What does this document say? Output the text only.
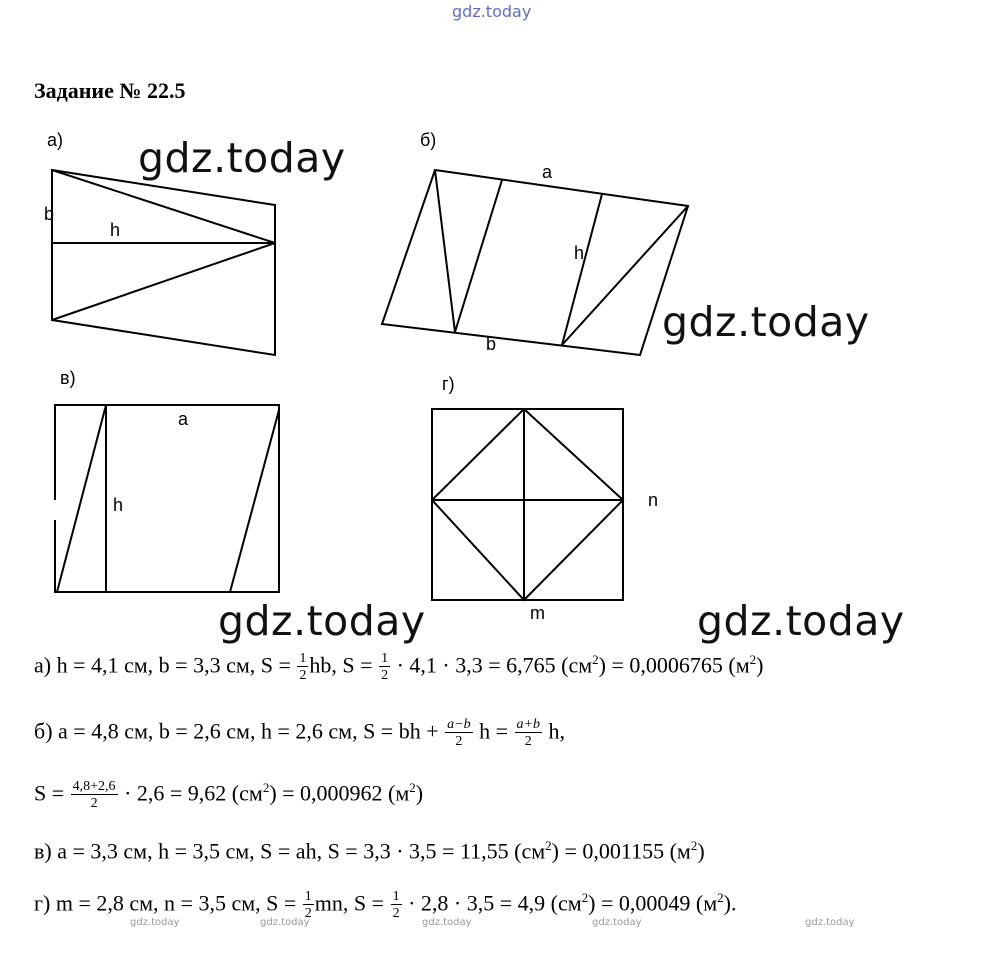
gdz.today
Задание № 22.5
а)
b
h
б)
a
h
b
в)
a
h
г)
n
m
gdz.today
gdz.today
gdz.today	gdz.today
а) h = 4,1 см, b = 3,3 см, $S = \frac{1}{2}$ hb, $S = \frac{1}{2} \cdot 4,1 \cdot 3,3 = 6,765$ $(см^2) = 0,0006765$ $(м^2)$
б) a = 4,8 см, b = 2,6 см, h = 2,6 см, S = bh + $\frac{a-b}{2}$ $h = \frac{a+b}{2} h$,
$S = \frac{4,8+2,6}{2} \cdot 2,6 = 9,62$ $(см^2) = 0,000962$ $(м^2)$
в) a = 3,3 см, h = 3,5 см, S = ah, S = 3,3 · 3,5 = 11,55 $(см^2) = 0,001155$ $(м^2)$
г) m = 2,8 см, n = 3,5 см, $S = \frac{1}{2}$ mn, $S = \frac{1}{2} \cdot 2,8 \cdot 3,5 = 4,9$ $(см^2) = 0,00049$ $(м^2)$.
gdz.today	gdz.today	gdz.today	gdz.today	gdz.today
